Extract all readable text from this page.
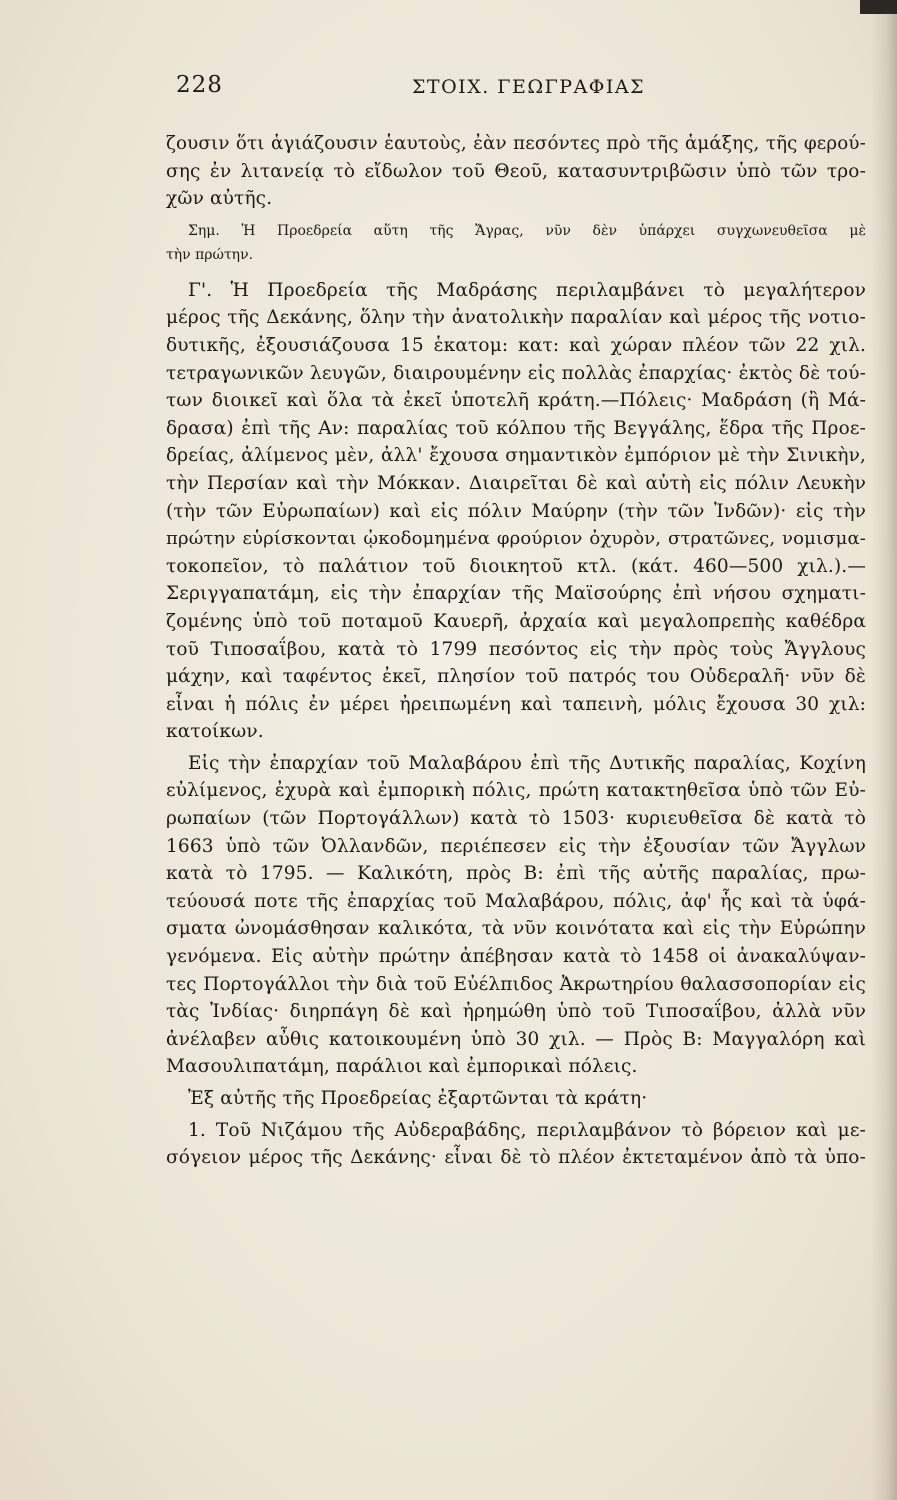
228	ΣΤΟΙΧ. ΓΕΩΓΡΑΦΙΑΣ
ζουσιν ὅτι ἁγιάζουσιν ἑαυτοὺς, ἐὰν πεσόντες πρὸ τῆς ἁμάξης, τῆς φερού-
σης ἐν λιτανείᾳ τὸ εἴδωλον τοῦ Θεοῦ, κατασυντριβῶσιν ὑπὸ τῶν τρο-
χῶν αὐτῆς.
Σημ. Ἡ Προεδρεία αὕτη τῆς Ἄγρας, νῦν δὲν ὑπάρχει συγχωνευθεῖσα μὲ
τὴν πρώτην.
Γ'. Ἡ Προεδρεία τῆς Μαδράσης περιλαμβάνει τὸ μεγαλήτερον
μέρος τῆς Δεκάνης, ὅλην τὴν ἀνατολικὴν παραλίαν καὶ μέρος τῆς νοτιο-
δυτικῆς, ἐξουσιάζουσα 15 ἑκατομ: κατ: καὶ χώραν πλέον τῶν 22 χιλ.
τετραγωνικῶν λευγῶν, διαιρουμένην εἰς πολλὰς ἐπαρχίας· ἐκτὸς δὲ τού-
των διοικεῖ καὶ ὅλα τὰ ἐκεῖ ὑποτελῆ κράτη.—Πόλεις· Μαδράση (ἢ Μά-
δρασα) ἐπὶ τῆς Αν: παραλίας τοῦ κόλπου τῆς Βεγγάλης, ἕδρα τῆς Προε-
δρείας, ἀλίμενος μὲν, ἀλλ' ἔχουσα σημαντικὸν ἐμπόριον μὲ τὴν Σινικὴν,
τὴν Περσίαν καὶ τὴν Μόκκαν. Διαιρεῖται δὲ καὶ αὐτὴ εἰς πόλιν Λευκὴν
(τὴν τῶν Εὐρωπαίων) καὶ εἰς πόλιν Μαύρην (τὴν τῶν Ἰνδῶν)· εἰς τὴν
πρώτην εὑρίσκονται ᾠκοδομημένα φρούριον ὀχυρὸν, στρατῶνες, νομισμα-
τοκοπεῖον, τὸ παλάτιον τοῦ διοικητοῦ κτλ. (κάτ. 460—500 χιλ.).—
Σεριγγαπατάμη, εἰς τὴν ἐπαρχίαν τῆς Μαϊσούρης ἐπὶ νήσου σχηματι-
ζομένης ὑπὸ τοῦ ποταμοῦ Καυερῆ, ἀρχαία καὶ μεγαλοπρεπὴς καθέδρα
τοῦ Τιποσαΐβου, κατὰ τὸ 1799 πεσόντος εἰς τὴν πρὸς τοὺς Ἄγγλους
μάχην, καὶ ταφέντος ἐκεῖ, πλησίον τοῦ πατρός του Οὐδεραλῆ· νῦν δὲ
εἶναι ἡ πόλις ἐν μέρει ἠρειπωμένη καὶ ταπεινὴ, μόλις ἔχουσα 30 χιλ:
κατοίκων.
Εἰς τὴν ἐπαρχίαν τοῦ Μαλαβάρου ἐπὶ τῆς Δυτικῆς παραλίας, Κοχίνη
εὐλίμενος, ἐχυρὰ καὶ ἐμπορικὴ πόλις, πρώτη κατακτηθεῖσα ὑπὸ τῶν Εὐ-
ρωπαίων (τῶν Πορτογάλλων) κατὰ τὸ 1503· κυριευθεῖσα δὲ κατὰ τὸ
1663 ὑπὸ τῶν Ὀλλανδῶν, περιέπεσεν εἰς τὴν ἐξουσίαν τῶν Ἄγγλων
κατὰ τὸ 1795. — Καλικότη, πρὸς Β: ἐπὶ τῆς αὐτῆς παραλίας, πρω-
τεύουσά ποτε τῆς ἐπαρχίας τοῦ Μαλαβάρου, πόλις, ἀφ' ἧς καὶ τὰ ὑφά-
σματα ὠνομάσθησαν καλικότα, τὰ νῦν κοινότατα καὶ εἰς τὴν Εὐρώπην
γενόμενα. Εἰς αὐτὴν πρώτην ἀπέβησαν κατὰ τὸ 1458 οἱ ἀνακαλύψαν-
τες Πορτογάλλοι τὴν διὰ τοῦ Εὐέλπιδος Ἀκρωτηρίου θαλασσοπορίαν εἰς
τὰς Ἰνδίας· διηρπάγη δὲ καὶ ἠρημώθη ὑπὸ τοῦ Τιποσαΐβου, ἀλλὰ νῦν
ἀνέλαβεν αὖθις κατοικουμένη ὑπὸ 30 χιλ. — Πρὸς Β: Μαγγαλόρη καὶ
Μασουλιπατάμη, παράλιοι καὶ ἐμπορικαὶ πόλεις.
Ἐξ αὐτῆς τῆς Προεδρείας ἐξαρτῶνται τὰ κράτη·
1. Τοῦ Νιζάμου τῆς Αὐδεραβάδης, περιλαμβάνον τὸ βόρειον καὶ με-
σόγειον μέρος τῆς Δεκάνης· εἶναι δὲ τὸ πλέον ἐκτεταμένον ἀπὸ τὰ ὑπο-
